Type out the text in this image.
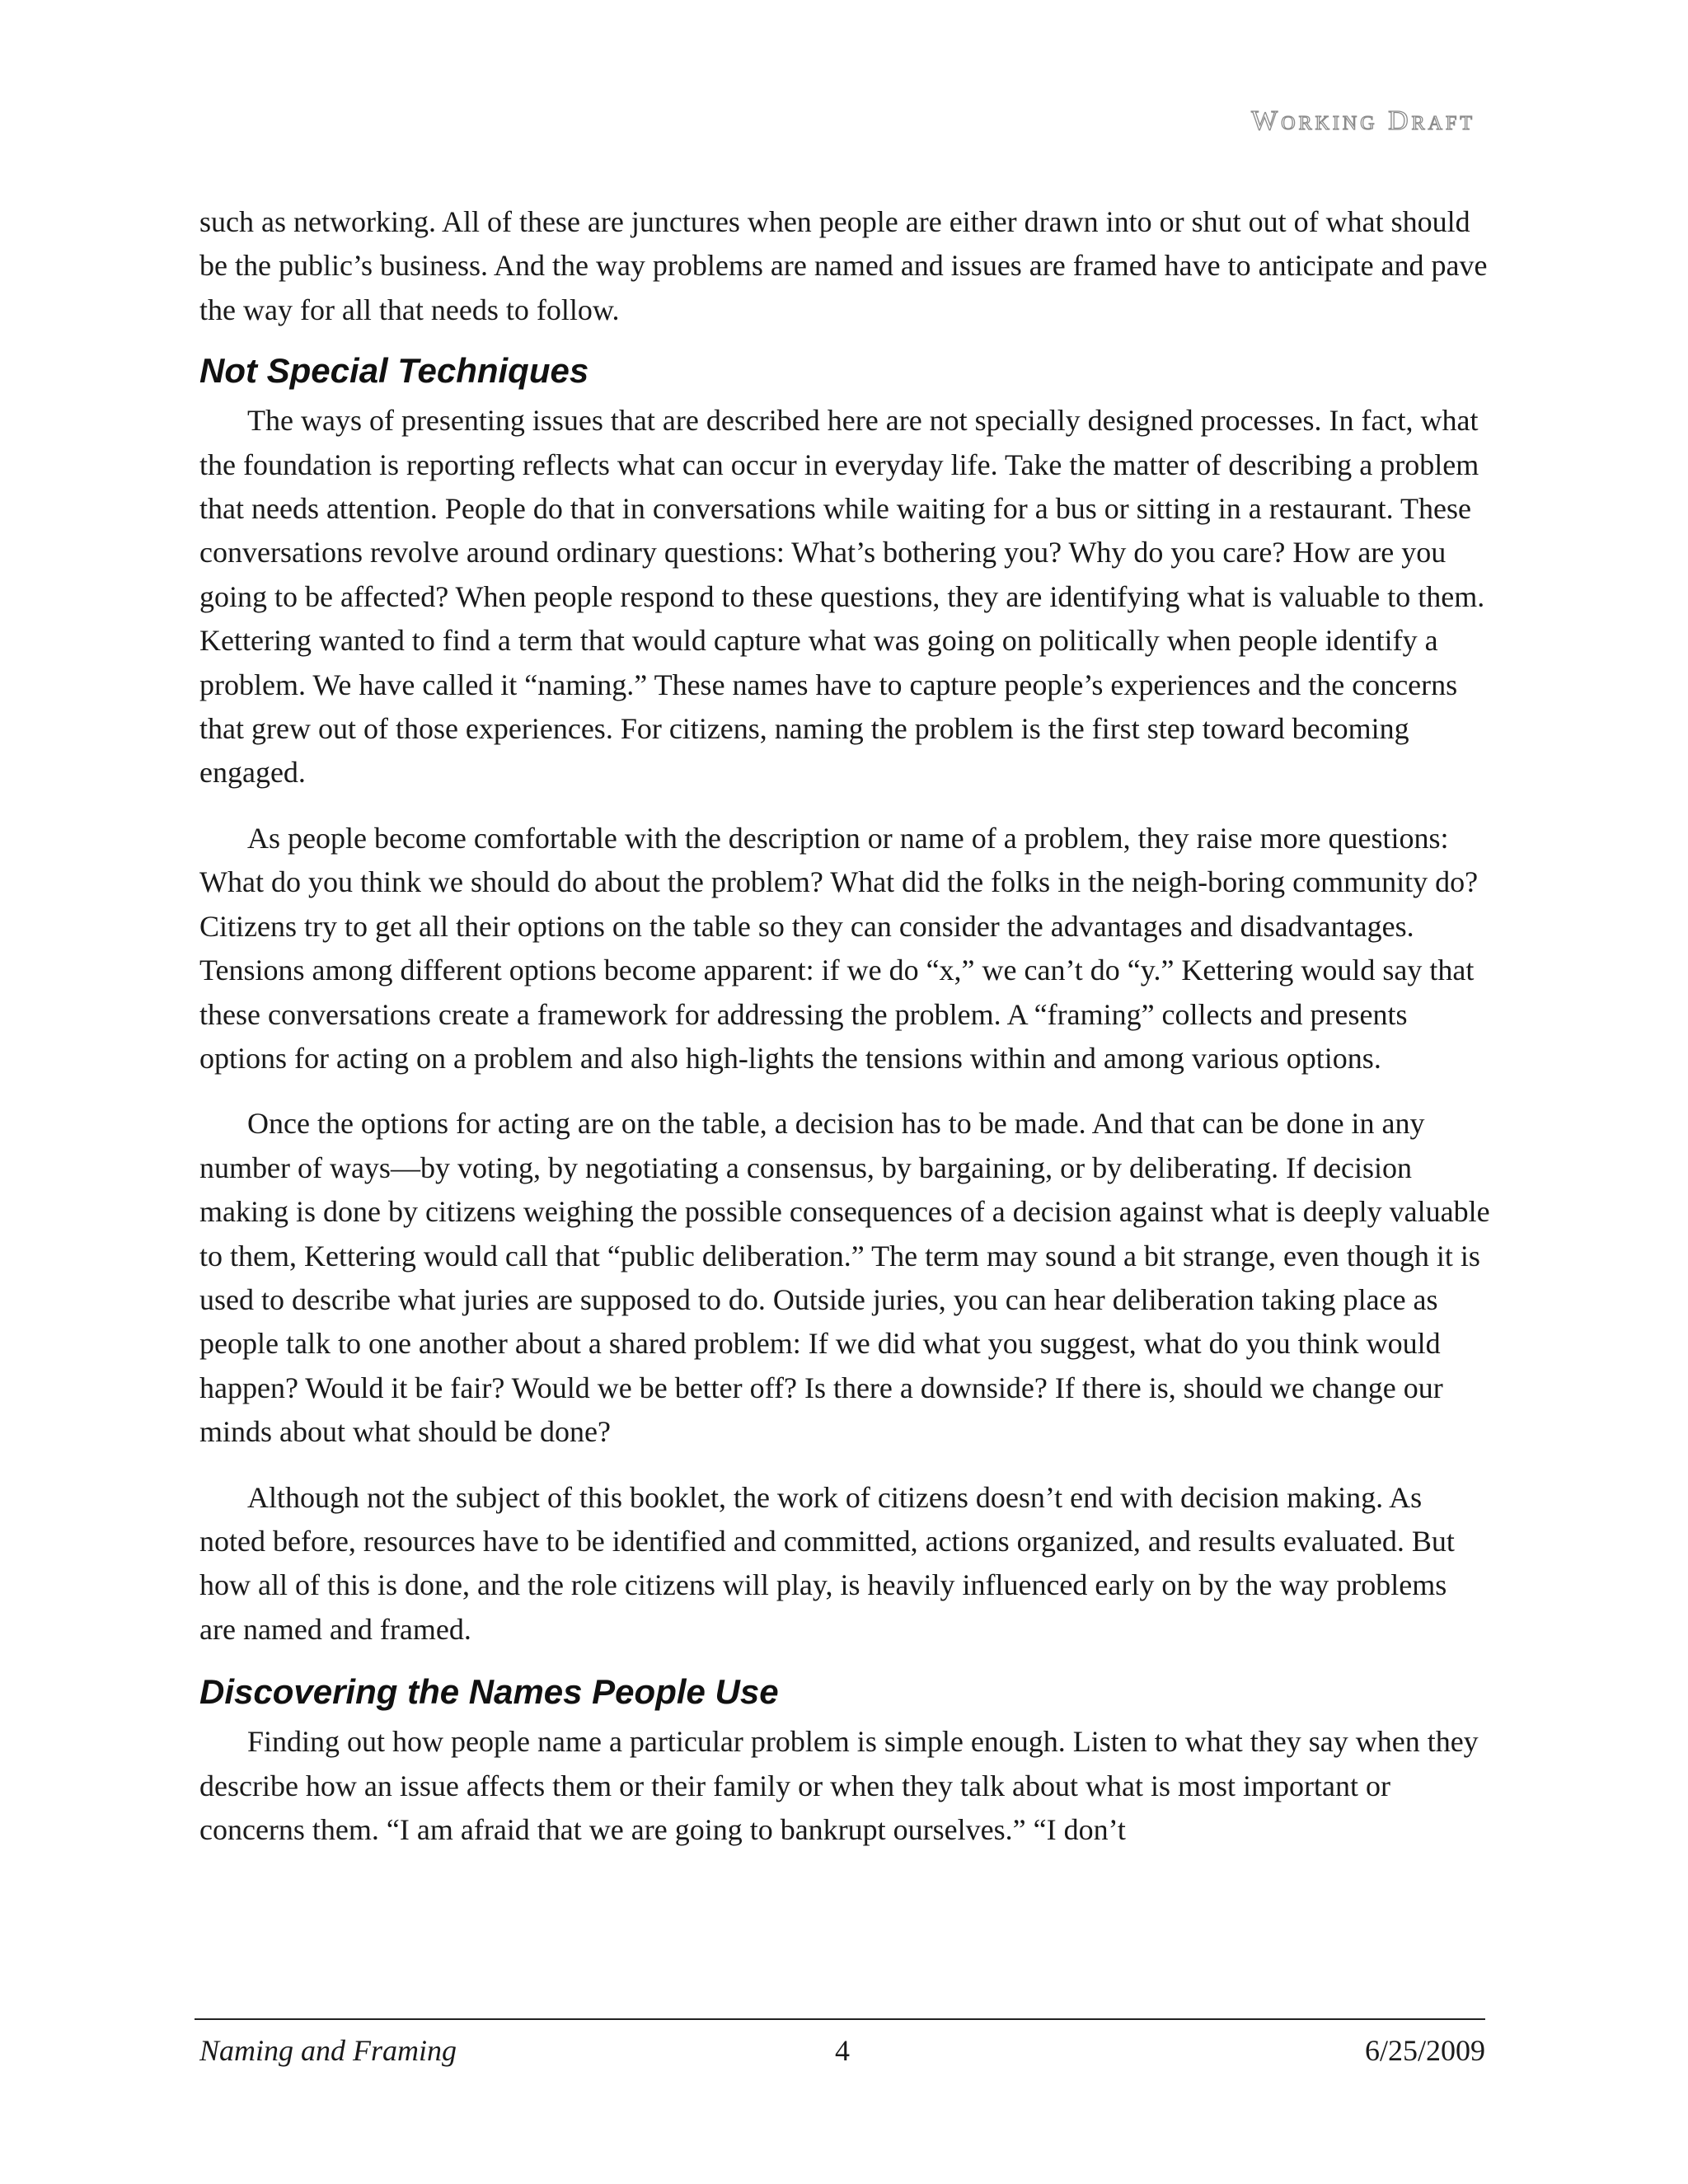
Working Draft

such as networking. All of these are junctures when people are either drawn into or shut out of what should be the public’s business. And the way problems are named and issues are framed have to anticipate and pave the way for all that needs to follow.

Not Special Techniques

The ways of presenting issues that are described here are not specially designed processes. In fact, what the foundation is reporting reflects what can occur in everyday life. Take the matter of describing a problem that needs attention. People do that in conversations while waiting for a bus or sitting in a restaurant. These conversations revolve around ordinary questions: What’s bothering you? Why do you care? How are you going to be affected? When people respond to these questions, they are identifying what is valuable to them. Kettering wanted to find a term that would capture what was going on politically when people identify a problem. We have called it “naming.” These names have to capture people’s experiences and the concerns that grew out of those experiences. For citizens, naming the problem is the first step toward becoming engaged.

As people become comfortable with the description or name of a problem, they raise more questions: What do you think we should do about the problem? What did the folks in the neigh-boring community do? Citizens try to get all their options on the table so they can consider the advantages and disadvantages. Tensions among different options become apparent: if we do “x,” we can’t do “y.” Kettering would say that these conversations create a framework for addressing the problem. A “framing” collects and presents options for acting on a problem and also high-lights the tensions within and among various options.

Once the options for acting are on the table, a decision has to be made. And that can be done in any number of ways—by voting, by negotiating a consensus, by bargaining, or by deliberating. If decision making is done by citizens weighing the possible consequences of a decision against what is deeply valuable to them, Kettering would call that “public deliberation.” The term may sound a bit strange, even though it is used to describe what juries are supposed to do. Outside juries, you can hear deliberation taking place as people talk to one another about a shared problem: If we did what you suggest, what do you think would happen? Would it be fair? Would we be better off? Is there a downside? If there is, should we change our minds about what should be done?

Although not the subject of this booklet, the work of citizens doesn’t end with decision making. As noted before, resources have to be identified and committed, actions organized, and results evaluated. But how all of this is done, and the role citizens will play, is heavily influenced early on by the way problems are named and framed.

Discovering the Names People Use

Finding out how people name a particular problem is simple enough. Listen to what they say when they describe how an issue affects them or their family or when they talk about what is most important or concerns them. “I am afraid that we are going to bankrupt ourselves.” “I don’t

Naming and Framing	4	6/25/2009
